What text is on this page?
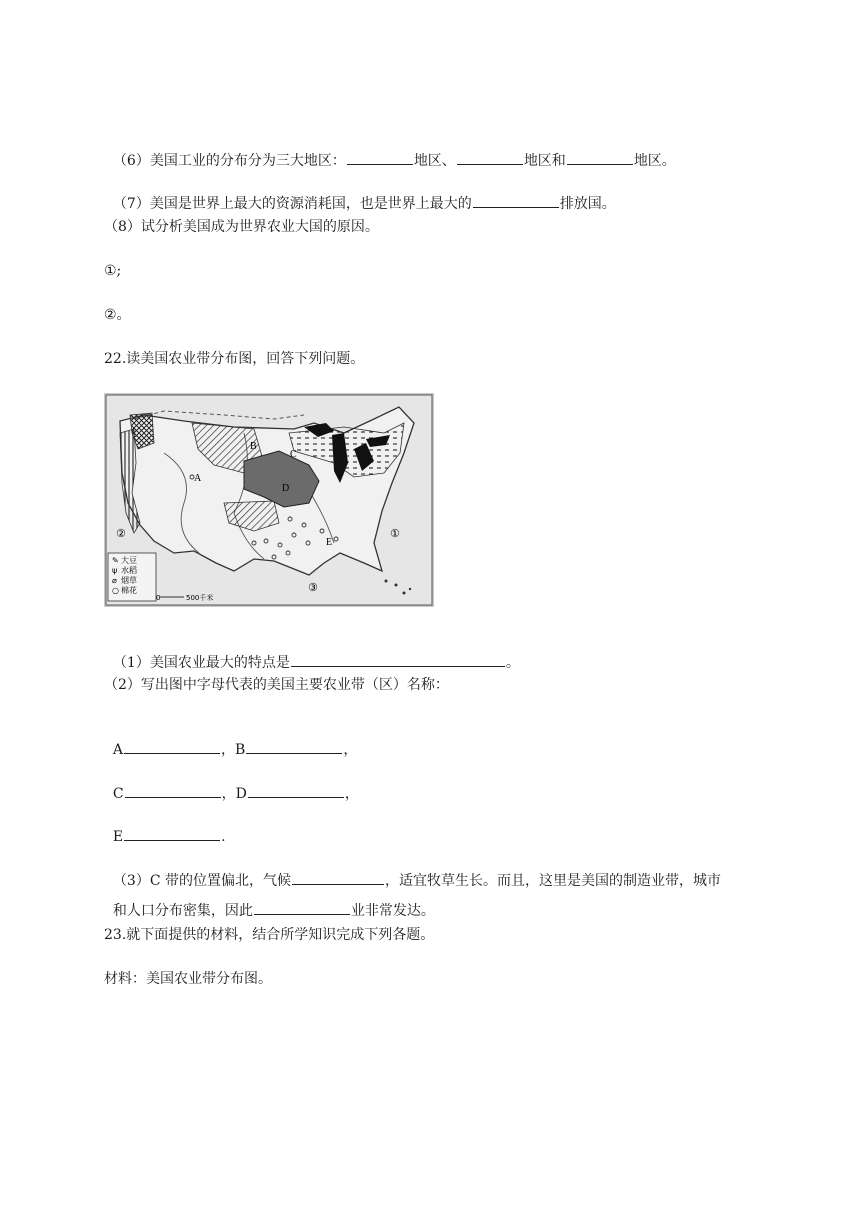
（6）美国工业的分布分为三大地区：	地区、	地区和	地区。

（7）美国是世界上最大的资源消耗国，也是世界上最大的	排放国。

（8）试分析美国成为世界农业大国的原因。
①;
②。
22.读美国农业带分布图，回答下列问题。
A
B
C
D
E
①
②
③
✎
ψ
⌀
○
大豆
水稻
烟草
棉花
0	500千米

（1）美国农业最大的特点是	。

（2）写出图中字母代表的美国主要农业带（区）名称：

A	，B	，

C	，D	，

E	.

（3）C 带的位置偏北，气候	，适宜牧草生长。而且，这里是美国的制造业带，城市

和人口分布密集，因此	业非常发达。

23.就下面提供的材料，结合所学知识完成下列各题。
材料：美国农业带分布图。
